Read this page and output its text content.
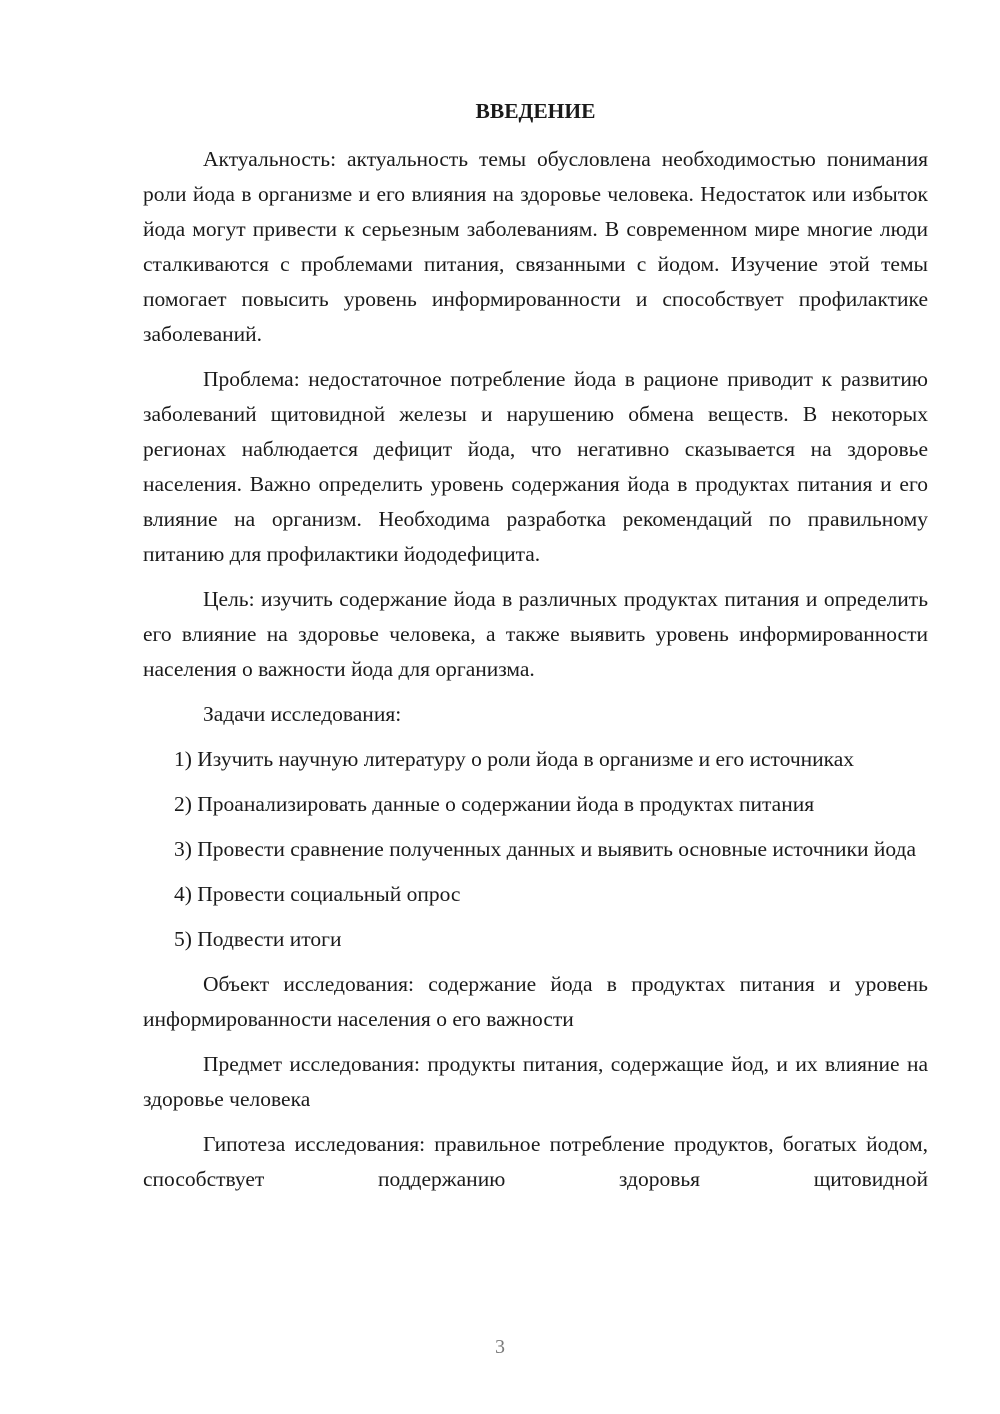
ВВЕДЕНИЕ

Актуальность: актуальность темы обусловлена необходимостью понимания роли йода в организме и его влияния на здоровье человека. Недостаток или избыток йода могут привести к серьезным заболеваниям. В современном мире многие люди сталкиваются с проблемами питания, связанными с йодом. Изучение этой темы помогает повысить уровень информированности и способствует профилактике заболеваний.

Проблема: недостаточное потребление йода в рационе приводит к развитию заболеваний щитовидной железы и нарушению обмена веществ. В некоторых регионах наблюдается дефицит йода, что негативно сказывается на здоровье населения. Важно определить уровень содержания йода в продуктах питания и его влияние на организм. Необходима разработка рекомендаций по правильному питанию для профилактики йододефицита.

Цель: изучить содержание йода в различных продуктах питания и определить его влияние на здоровье человека, а также выявить уровень информированности населения о важности йода для организма.

Задачи исследования:

1) Изучить научную литературу о роли йода в организме и его источниках

2) Проанализировать данные о содержании йода в продуктах питания

3) Провести сравнение полученных данных и выявить основные источники йода

4) Провести социальный опрос

5) Подвести итоги

Объект исследования: содержание йода в продуктах питания и уровень информированности населения о его важности

Предмет исследования: продукты питания, содержащие йод, и их влияние на здоровье человека

Гипотеза исследования: правильное потребление продуктов, богатых йодом, способствует поддержанию здоровья щитовидной

3
